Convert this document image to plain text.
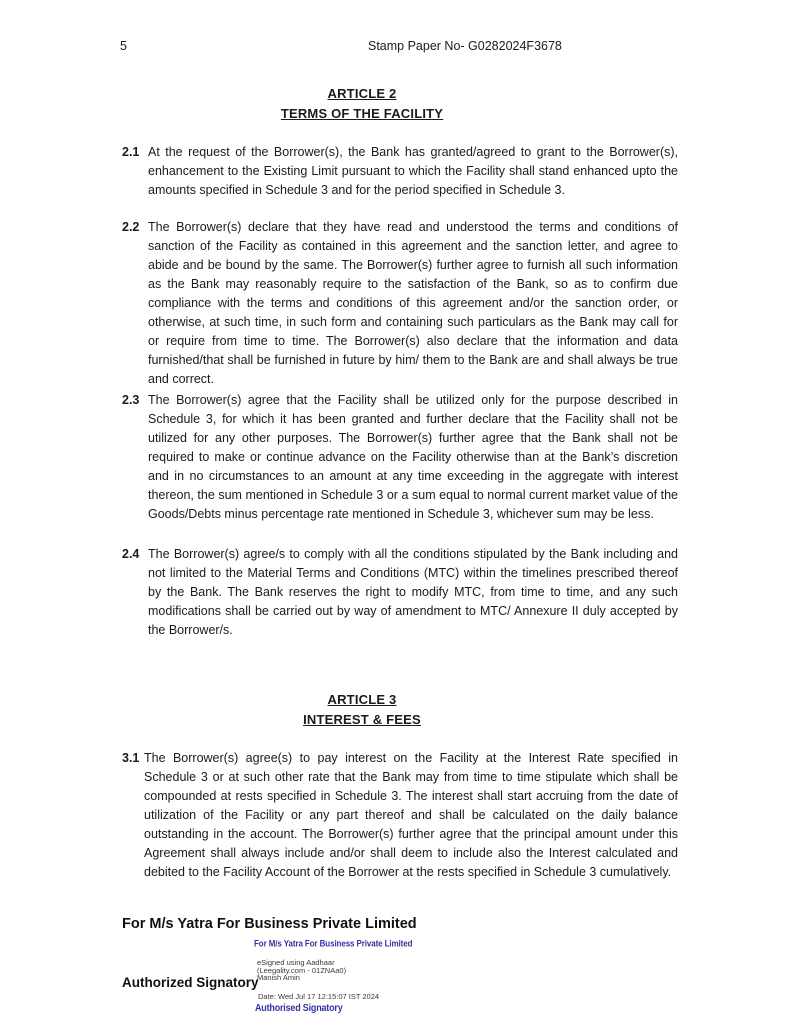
5	Stamp Paper No- G0282024F3678
ARTICLE 2
TERMS OF THE FACILITY
2.1 At the request of the Borrower(s), the Bank has granted/agreed to grant to the Borrower(s), enhancement to the Existing Limit pursuant to which the Facility shall stand enhanced upto the amounts specified in Schedule 3 and for the period specified in Schedule 3.
2.2 The Borrower(s) declare that they have read and understood the terms and conditions of sanction of the Facility as contained in this agreement and the sanction letter, and agree to abide and be bound by the same. The Borrower(s) further agree to furnish all such information as the Bank may reasonably require to the satisfaction of the Bank, so as to confirm due compliance with the terms and conditions of this agreement and/or the sanction order, or otherwise, at such time, in such form and containing such particulars as the Bank may call for or require from time to time. The Borrower(s) also declare that the information and data furnished/that shall be furnished in future by him/ them to the Bank are and shall always be true and correct.
2.3 The Borrower(s) agree that the Facility shall be utilized only for the purpose described in Schedule 3, for which it has been granted and further declare that the Facility shall not be utilized for any other purposes. The Borrower(s) further agree that the Bank shall not be required to make or continue advance on the Facility otherwise than at the Bank’s discretion and in no circumstances to an amount at any time exceeding in the aggregate with interest thereon, the sum mentioned in Schedule 3 or a sum equal to normal current market value of the Goods/Debts minus percentage rate mentioned in Schedule 3, whichever sum may be less.
2.4 The Borrower(s) agree/s to comply with all the conditions stipulated by the Bank including and not limited to the Material Terms and Conditions (MTC) within the timelines prescribed thereof by the Bank. The Bank reserves the right to modify MTC, from time to time, and any such modifications shall be carried out by way of amendment to MTC/ Annexure II duly accepted by the Borrower/s.
ARTICLE 3
INTEREST & FEES
3.1 The Borrower(s) agree(s) to pay interest on the Facility at the Interest Rate specified in Schedule 3 or at such other rate that the Bank may from time to time stipulate which shall be compounded at rests specified in Schedule 3. The interest shall start accruing from the date of utilization of the Facility or any part thereof and shall be calculated on the daily balance outstanding in the account. The Borrower(s) further agree that the principal amount under this Agreement shall always include and/or shall deem to include also the Interest calculated and debited to the Facility Account of the Borrower at the rests specified in Schedule 3 cumulatively.
For M/s Yatra For Business Private Limited
For M/s Yatra For Business Private Limited
Authorized Signatory
eSigned using Aadhaar
(Leegality.com - 01ZNAa0)
Manish Amin
Date: Wed Jul 17 12:15:07 IST 2024
Authorised Signatory
